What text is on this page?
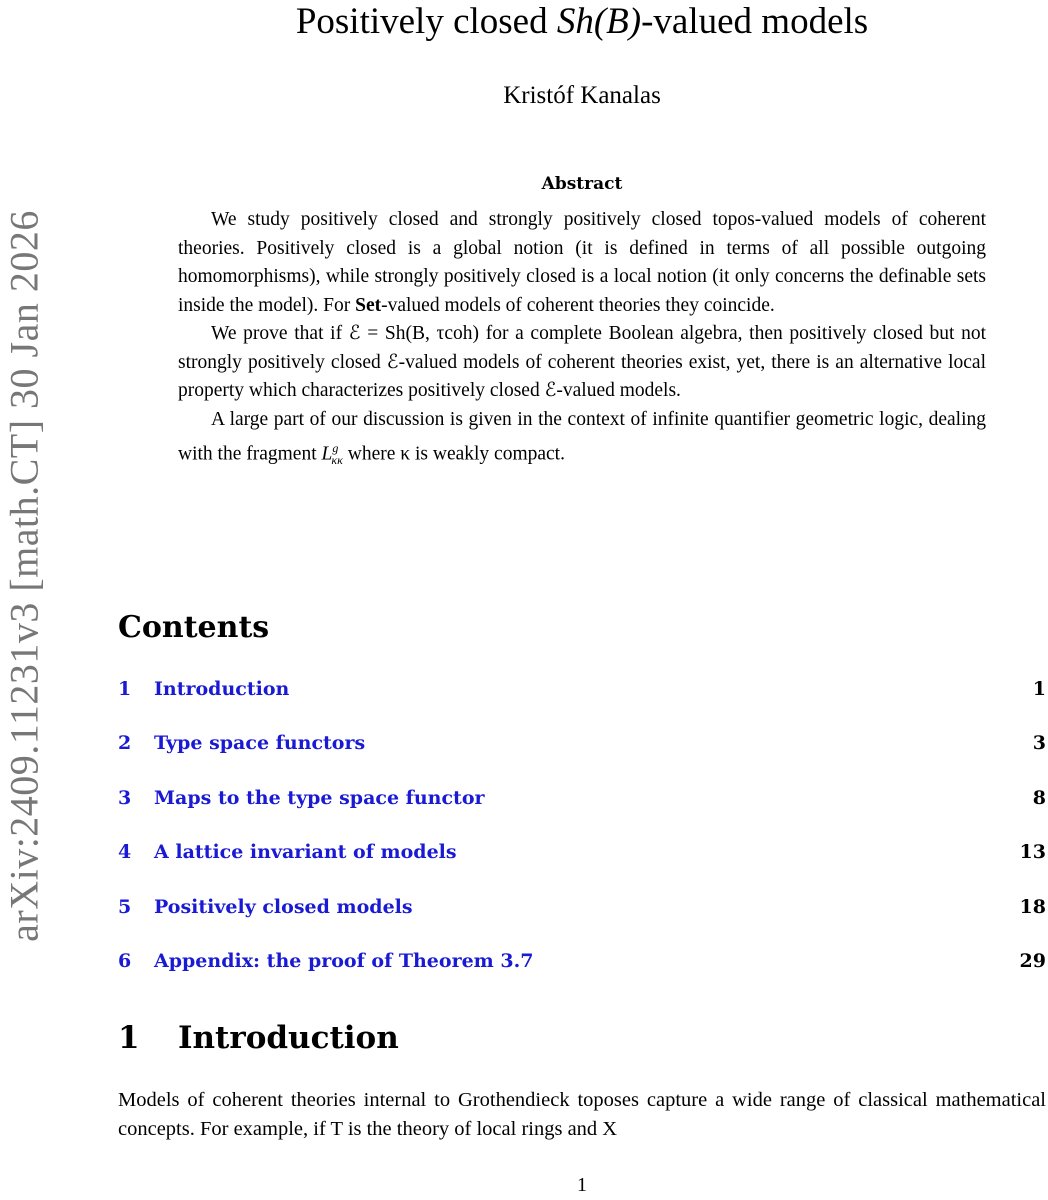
arXiv:2409.11231v3 [math.CT] 30 Jan 2026
Positively closed Sh(B)-valued models
Kristóf Kanalas
Abstract

We study positively closed and strongly positively closed topos-valued models of coherent theories. Positively closed is a global notion (it is defined in terms of all possible outgoing homomorphisms), while strongly positively closed is a local notion (it only concerns the definable sets inside the model). For Set-valued models of coherent theories they coincide.

We prove that if ℰ = Sh(B, τcoh) for a complete Boolean algebra, then positively closed but not strongly positively closed ℰ-valued models of coherent theories exist, yet, there is an alternative local property which characterizes positively closed ℰ-valued models.

A large part of our discussion is given in the context of infinite quantifier geometric logic, dealing with the fragment $L^g_{\kappa\kappa}$ where κ is weakly compact.

Contents
1 Introduction	1
2 Type space functors	3
3 Maps to the type space functor	8
4 A lattice invariant of models	13
5 Positively closed models	18
6 Appendix: the proof of Theorem 3.7	29
1 Introduction

Models of coherent theories internal to Grothendieck toposes capture a wide range of classical mathematical concepts. For example, if T is the theory of local rings and X

1
